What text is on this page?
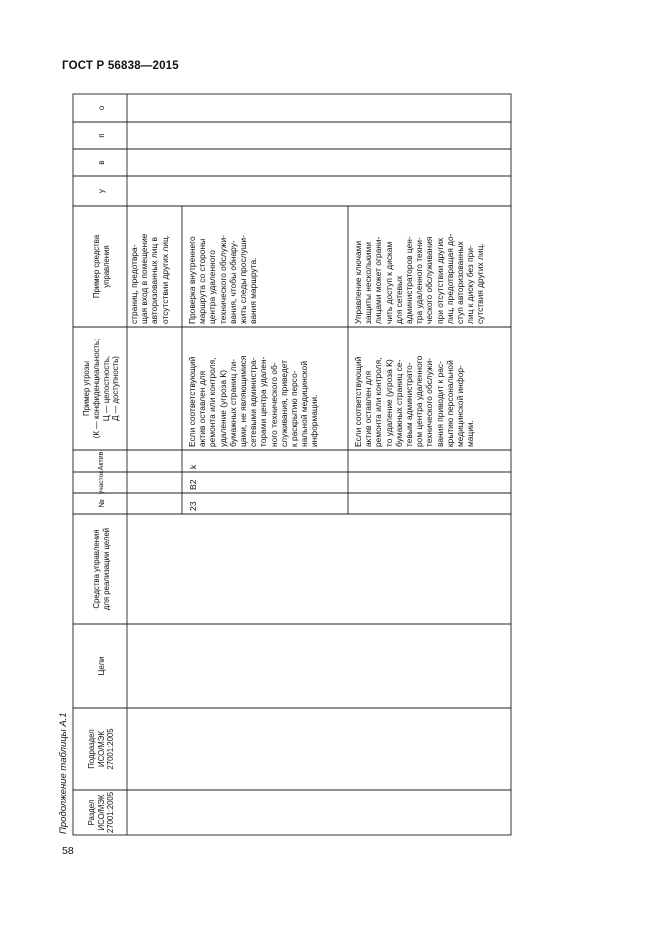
ГОСТ Р 56838—2015
Раздел
ИСО/МЭК
27001:2005
Подраздел
ИСО/МЭК
27001:2005
Цели
Средства управления
для реализации целей
№
участок
Актив
Пример угрозы
(К — конфиденциальность;
Ц — целостность,
Д — доступность)
Пример средства
управления
у
в
п
о
страниц, предотвра-
щая вход в помещение
авторизованных лиц в
отсутствии других лиц.
23
В2
k
Если соответствующий
актив оставлен для
ремонта или контроля,
удаление (угроза К)
бумажных страниц ли-
цами, не являющимися
сетевыми администра-
торами центра удален-
ного технического об-
служивания, приведет
к раскрытию персо-
нальной медицинской
информации.
Проверка внутреннего
маршрута со стороны
центра удаленного
технического обслужи-
вания, чтобы обнару-
жить следы прослуши-
вания маршрута.
Если соответствующий
актив оставлен для
ремонта или контроля,
то удаление (угроза К)
бумажных страниц се-
тевым администрато-
ром центра удаленного
технического обслужи-
вания приводит к рас-
крытию персональной
медицинской инфор-
мации.
Управление ключами
защиты несколькими
лицами может ограни-
чить доступ к дискам
для сетевых
администраторов цен-
тра удаленного техни-
ческого обслуживания
при отсутствии других
лиц, предотвращая до-
ступ авторизованных
лиц к диску без при-
сутствия других лиц.
Продолжение таблицы А.1
58
